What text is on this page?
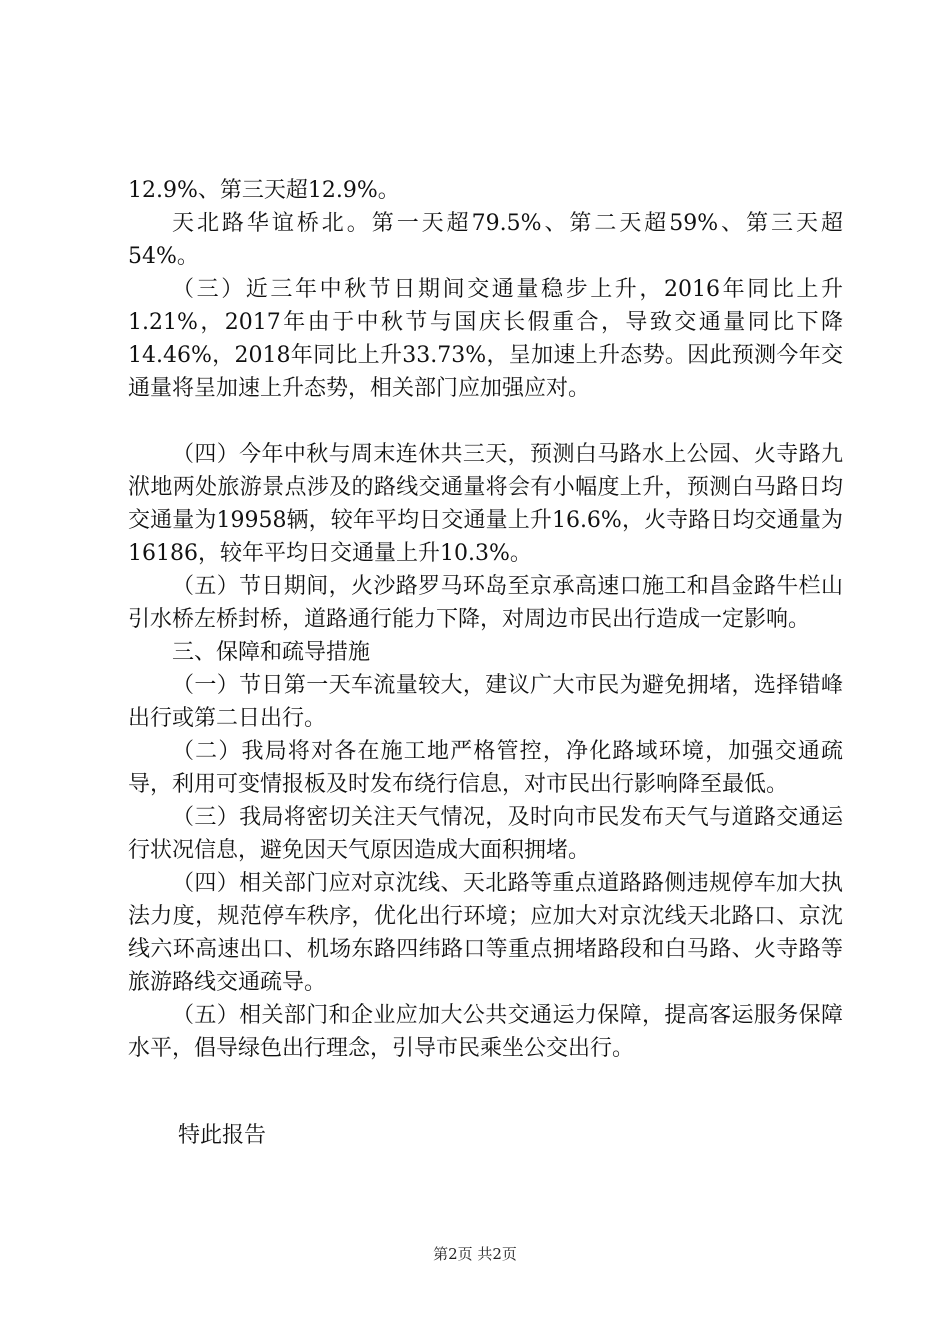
12.9%、第三天超12.9%。

天北路华谊桥北。第一天超79.5%、第二天超59%、第三天超54%。

（三）近三年中秋节日期间交通量稳步上升，2016年同比上升1.21%，2017年由于中秋节与国庆长假重合，导致交通量同比下降14.46%，2018年同比上升33.73%，呈加速上升态势。因此预测今年交通量将呈加速上升态势，相关部门应加强应对。

（四）今年中秋与周末连休共三天，预测白马路水上公园、火寺路九洑地两处旅游景点涉及的路线交通量将会有小幅度上升，预测白马路日均交通量为19958辆，较年平均日交通量上升16.6%，火寺路日均交通量为16186，较年平均日交通量上升10.3%。

（五）节日期间，火沙路罗马环岛至京承高速口施工和昌金路牛栏山引水桥左桥封桥，道路通行能力下降，对周边市民出行造成一定影响。

三、保障和疏导措施

（一）节日第一天车流量较大，建议广大市民为避免拥堵，选择错峰出行或第二日出行。

（二）我局将对各在施工地严格管控，净化路域环境，加强交通疏导，利用可变情报板及时发布绕行信息，对市民出行影响降至最低。

（三）我局将密切关注天气情况，及时向市民发布天气与道路交通运行状况信息，避免因天气原因造成大面积拥堵。

（四）相关部门应对京沈线、天北路等重点道路路侧违规停车加大执法力度，规范停车秩序，优化出行环境；应加大对京沈线天北路口、京沈线六环高速出口、机场东路四纬路口等重点拥堵路段和白马路、火寺路等旅游路线交通疏导。

（五）相关部门和企业应加大公共交通运力保障，提高客运服务保障水平，倡导绿色出行理念，引导市民乘坐公交出行。

特此报告

第2页 共2页
